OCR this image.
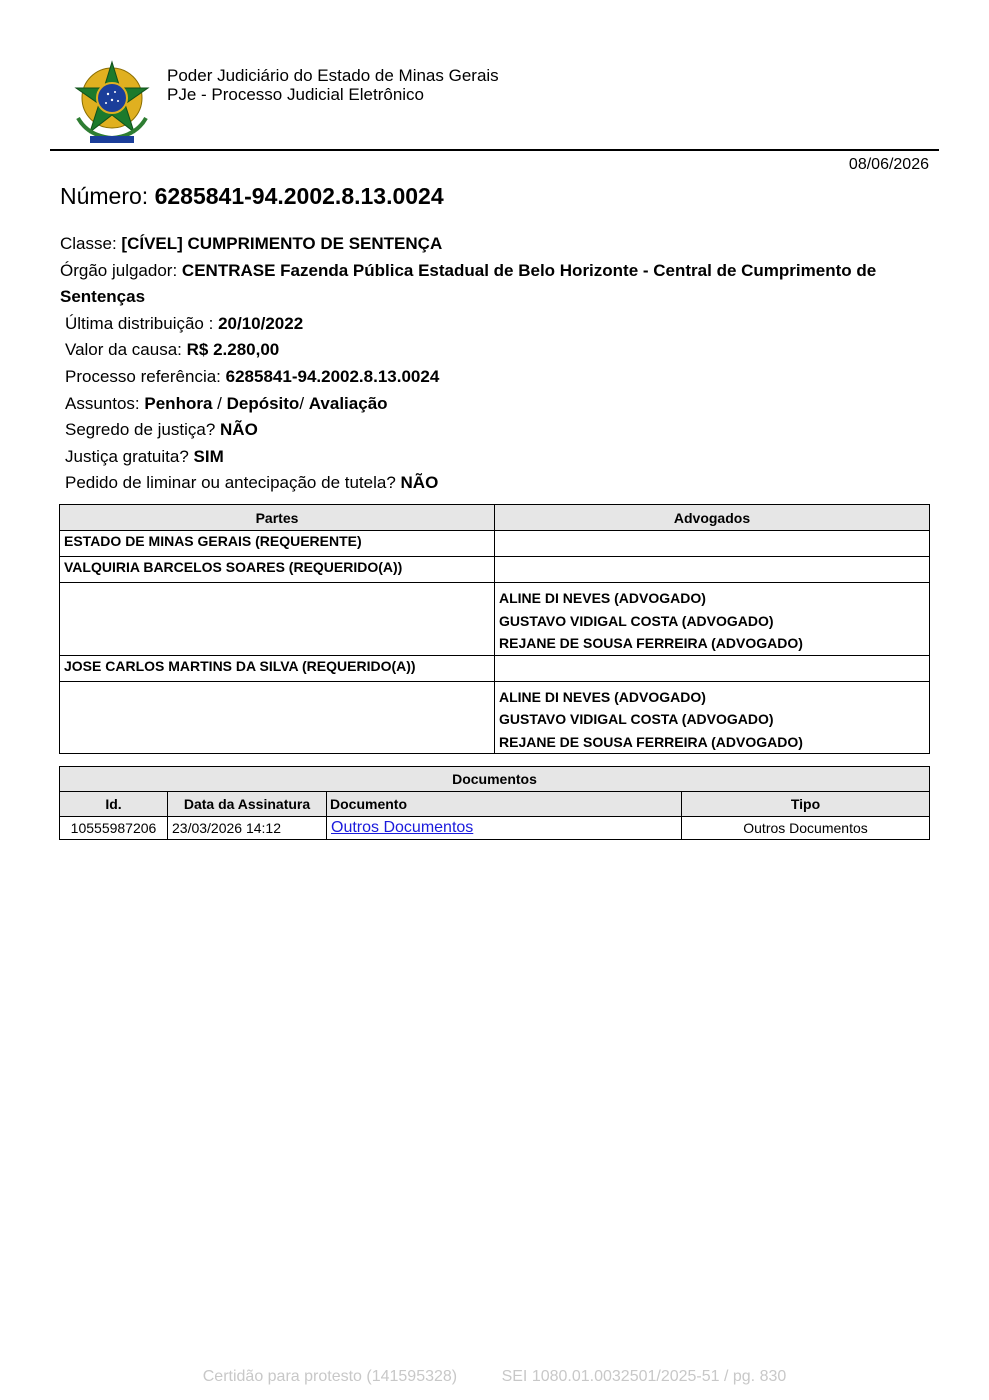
Poder Judiciário do Estado de Minas Gerais
PJe - Processo Judicial Eletrônico
08/06/2026
Número: 6285841-94.2002.8.13.0024
Classe: [CÍVEL] CUMPRIMENTO DE SENTENÇA
Órgão julgador: CENTRASE Fazenda Pública Estadual de Belo Horizonte - Central de Cumprimento de Sentenças
Última distribuição : 20/10/2022
Valor da causa: R$ 2.280,00
Processo referência: 6285841-94.2002.8.13.0024
Assuntos: Penhora / Depósito/ Avaliação
Segredo de justiça? NÃO
Justiça gratuita? SIM
Pedido de liminar ou antecipação de tutela? NÃO
Partes	Advogados
ESTADO DE MINAS GERAIS (REQUERENTE)	
VALQUIRIA BARCELOS SOARES (REQUERIDO(A))	

	ALINE DI NEVES (ADVOGADO)
GUSTAVO VIDIGAL COSTA (ADVOGADO)
REJANE DE SOUSA FERREIRA (ADVOGADO)

JOSE CARLOS MARTINS DA SILVA (REQUERIDO(A))	

	ALINE DI NEVES (ADVOGADO)
GUSTAVO VIDIGAL COSTA (ADVOGADO)
REJANE DE SOUSA FERREIRA (ADVOGADO)
Documentos			
Id.	Data da Assinatura	Documento	Tipo
10555987206	23/03/2026 14:12	Outros Documentos	Outros Documentos
Certidão para protesto (141595328)	SEI 1080.01.0032501/2025-51 / pg. 830
